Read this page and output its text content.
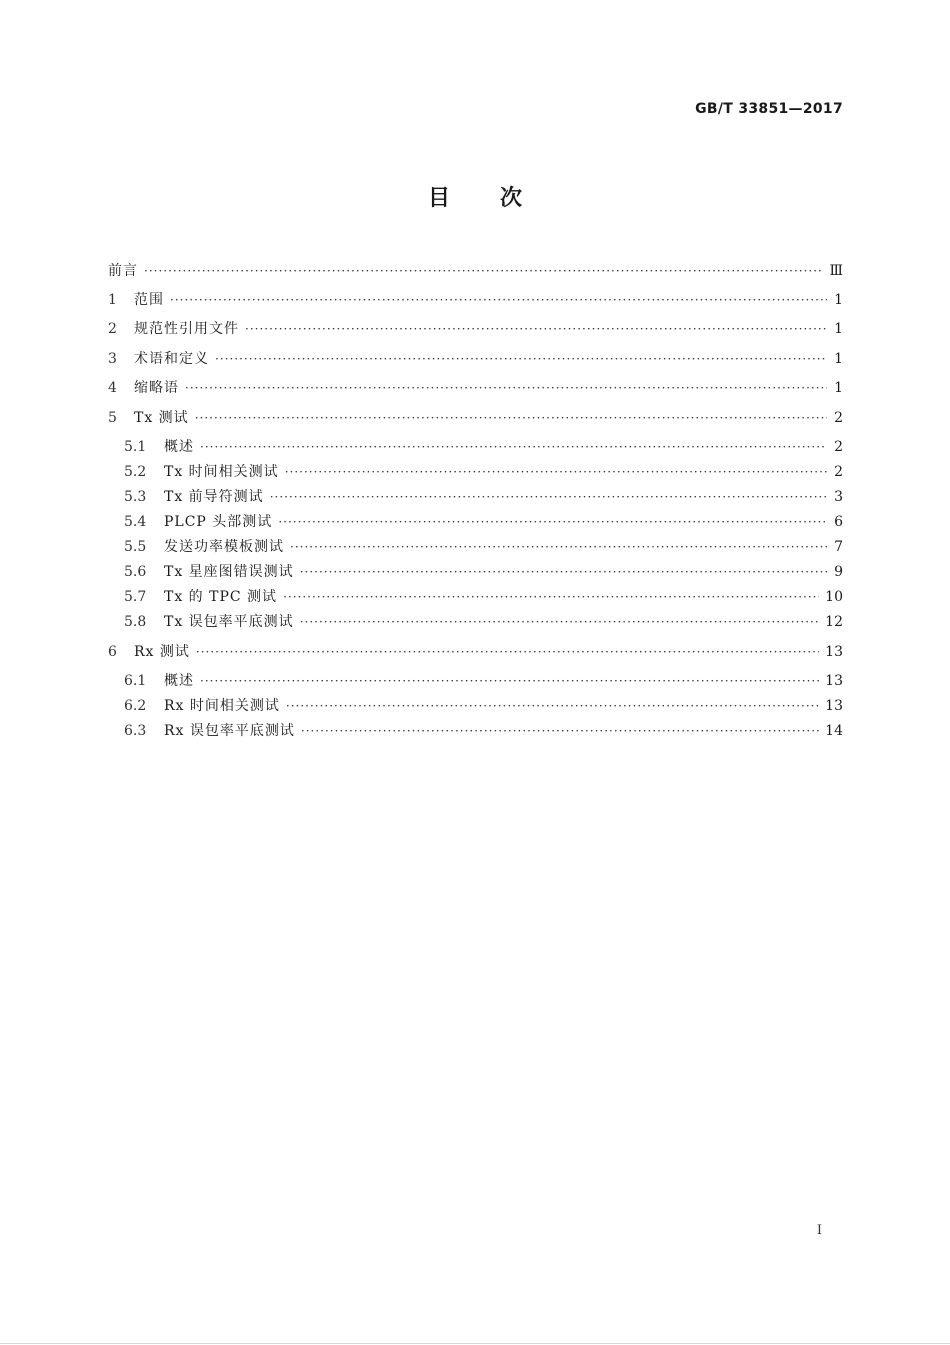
GB/T 33851—2017
目次
前言 ·····	Ⅲ
1	范围 ·····	1
2	规范性引用文件 ·····	1
3	术语和定义 ·····	1
4	缩略语 ·····	1
5	Tx 测试 ·····	2
5.1	概述 ·····	2
5.2	Tx 时间相关测试 ·····	2
5.3	Tx 前导符测试 ·····	3
5.4	PLCP 头部测试 ·····	6
5.5	发送功率模板测试 ·····	7
5.6	Tx 星座图错误测试 ·····	9
5.7	Tx 的 TPC 测试 ·····	10
5.8	Tx 误包率平底测试 ·····	12
6	Rx 测试 ·····	13
6.1	概述 ·····	13
6.2	Rx 时间相关测试 ·····	13
6.3	Rx 误包率平底测试 ·····	14
I
